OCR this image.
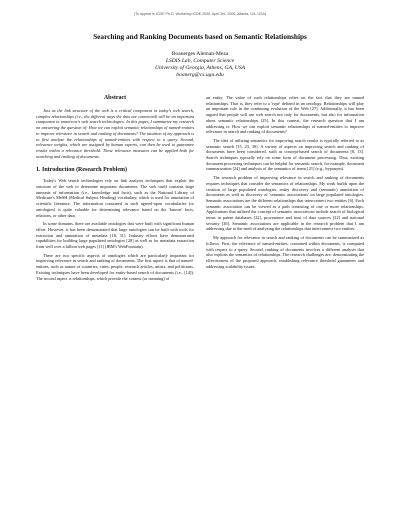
(To appear in ICDE Ph.D. Workshop ICDE 2006, April 3rd, 2006, Atlanta, GA, USA)
Searching and Ranking Documents based on Semantic Relationships
Boanerges Aleman-Meza
LSDIS Lab, Computer Science
University of Georgia, Athens, GA, USA
boanerg@cs.uga.edu
Abstract

Just as the link structure of the web is a critical component in today's web search, complex relationships (i.e., the different ways the dots are connected) will be an important component in tomorrow's web search technologies. In this paper, I summarize my research on answering the question of: How we can exploit semantic relationships of named-entities to improve relevance in search and ranking of documents? The intuition of my approach is to first analyze the relationships of named-entities with respect to a query. Second, relevance weights, which are assigned by human experts, can then be used to guarantee results within a relevance threshold. These relevance measures can be applied both for searching and ranking of documents.

1. Introduction (Research Problem)

Today's Web search technologies rely on link analysis techniques that exploit the structure of the web to determine important documents. The web itself contains large amounts of information (i.e., knowledge and facts), such as the National Library of Medicine's MeSH (Medical Subject Heading) vocabulary, which is used for annotation of scientific literature. The information contained in such agreed-upon vocabularies (or ontologies) is quite valuable for determining relevance based on the 'known' facts, relations, or other data.

In some domains, there are available ontologies that were built with significant human effort. However, it has been demonstrated that large ontologies can be built with tools for extraction and annotation of metadata [18, 31]. Industry efforts have demonstrated capabilities for building large populated ontologies [28] as well as for metadata extraction from well over a billion web pages [11] (IBM's WebFountain).

There are two specific aspects of ontologies which are particularly important for improving relevance in search and ranking of documents. The first aspect is that of named-entities, such as names of countries, cities, people, research articles, artists, and politicians. Existing techniques have been developed for entity-based search of documents (i.e., [14]). The second aspect is relationships, which provide the context (or meaning) of

an entity. The value of such relationships relies on the fact that they are named relationships. That is, they refer to a 'type' defined in an ontology. Relationships will play an important role in the continuing evolution of the Web [27]. Additionally, it has been argued that people will use web search not only for documents, but also for information about semantic relationships [25]. In this context, the research question that I am addressing is: How we can exploit semantic relationships of named-entities to improve relevance in search and ranking of documents?

The idea of utilizing semantics for improving search results is typically referred to as semantic search [15, 23, 30]. A variety of aspects on improving search and ranking of documents have been considered, such as concept-based search of documents [8, 13]. Search techniques typically rely on some form of document processing. Thus, existing document processing techniques can be helpful for semantic search, for example, document summarization [24] and analysis of the semantics of terms [21] (e.g., hyponym).

The research problem of improving relevance in search and ranking of documents requires techniques that consider the semantics of relationships. My work builds upon the creation of large populated ontologies, entity discovery and (semantic) annotation of documents as well as discovery of 'semantic associations' on large populated ontologies. Semantic associations are the different relationships that interconnect two entities [6]. Each semantic association can be viewed as a path consisting of one or more relationships. Applications that utilized the concept of semantic associations include search of biological terms in patent databases [22], provenance and trust of data sources [22] and national security [26]. Semantic associations are applicable in the research problem that I am addressing due to the need of analyzing the relationships that interconnect two entities.

My approach for relevance in search and ranking of documents can be summarized as follows. First, the relevance of named-entities, contained within documents, is computed with respect to a query. Second, ranking of documents involves a different analysis that also exploits the semantics of relationships. The research challenges are: demonstrating the effectiveness of the proposed approach, establishing relevance threshold guarantees and addressing scalability issues.
